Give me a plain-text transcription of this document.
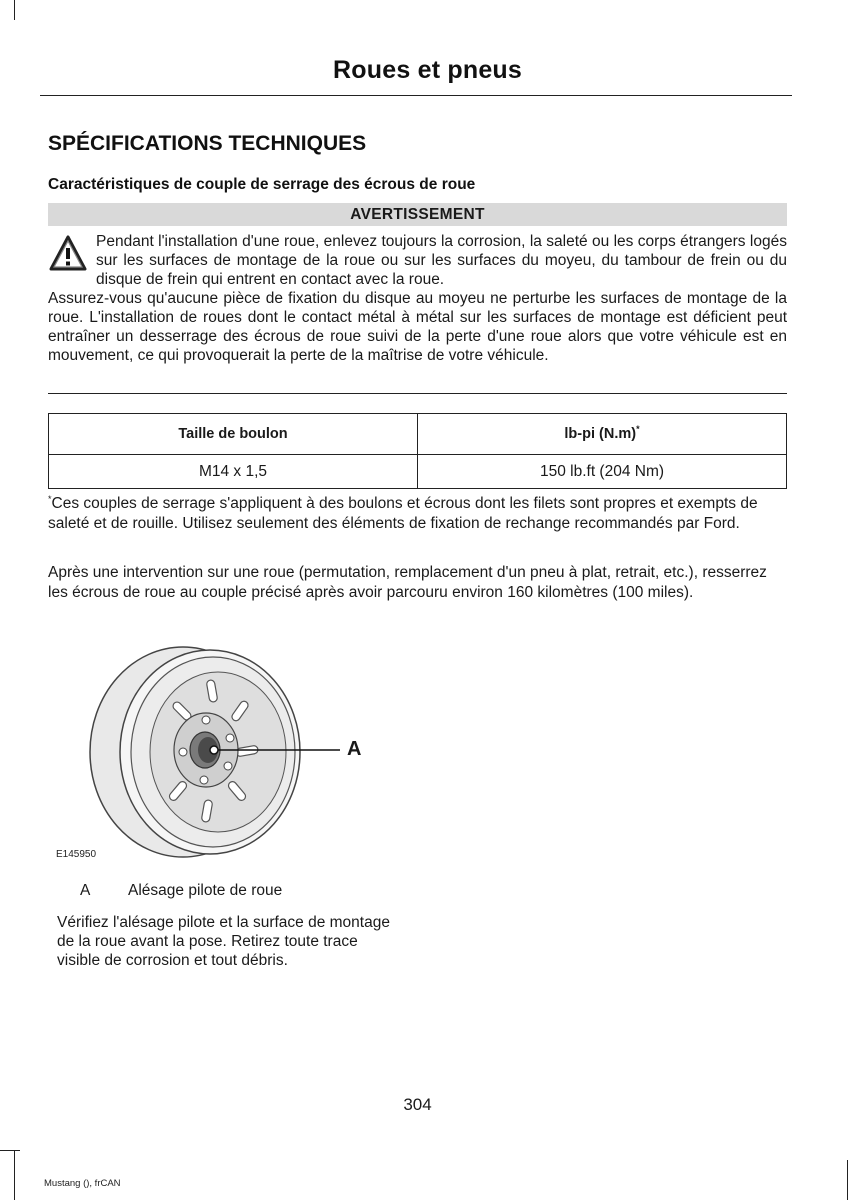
Roues et pneus
SPÉCIFICATIONS TECHNIQUES
Caractéristiques de couple de serrage des écrous de roue
AVERTISSEMENT

Pendant l'installation d'une roue, enlevez toujours la corrosion, la saleté ou les corps étrangers logés sur les surfaces de montage de la roue ou sur les surfaces du moyeu, du tambour de frein ou du disque de frein qui entrent en contact avec la roue.

Assurez-vous qu'aucune pièce de fixation du disque au moyeu ne perturbe les surfaces de montage de la roue. L'installation de roues dont le contact métal à métal sur les surfaces de montage est déficient peut entraîner un desserrage des écrous de roue suivi de la perte d'une roue alors que votre véhicule est en mouvement, ce qui provoquerait la perte de la maîtrise de votre véhicule.

Taille de boulon	lb-pi (N.m)*
M14 x 1,5	150 lb.ft (204 Nm)

*Ces couples de serrage s'appliquent à des boulons et écrous dont les filets sont propres et exempts de saleté et de rouille. Utilisez seulement des éléments de fixation de rechange recommandés par Ford.

Après une intervention sur une roue (permutation, remplacement d'un pneu à plat, retrait, etc.), resserrez les écrous de roue au couple précisé après avoir parcouru environ 160 kilomètres (100 miles).

E145950
A

A Alésage pilote de roue

Vérifiez l'alésage pilote et la surface de montage de la roue avant la pose. Retirez toute trace visible de corrosion et tout débris.

304

Mustang (), frCAN
